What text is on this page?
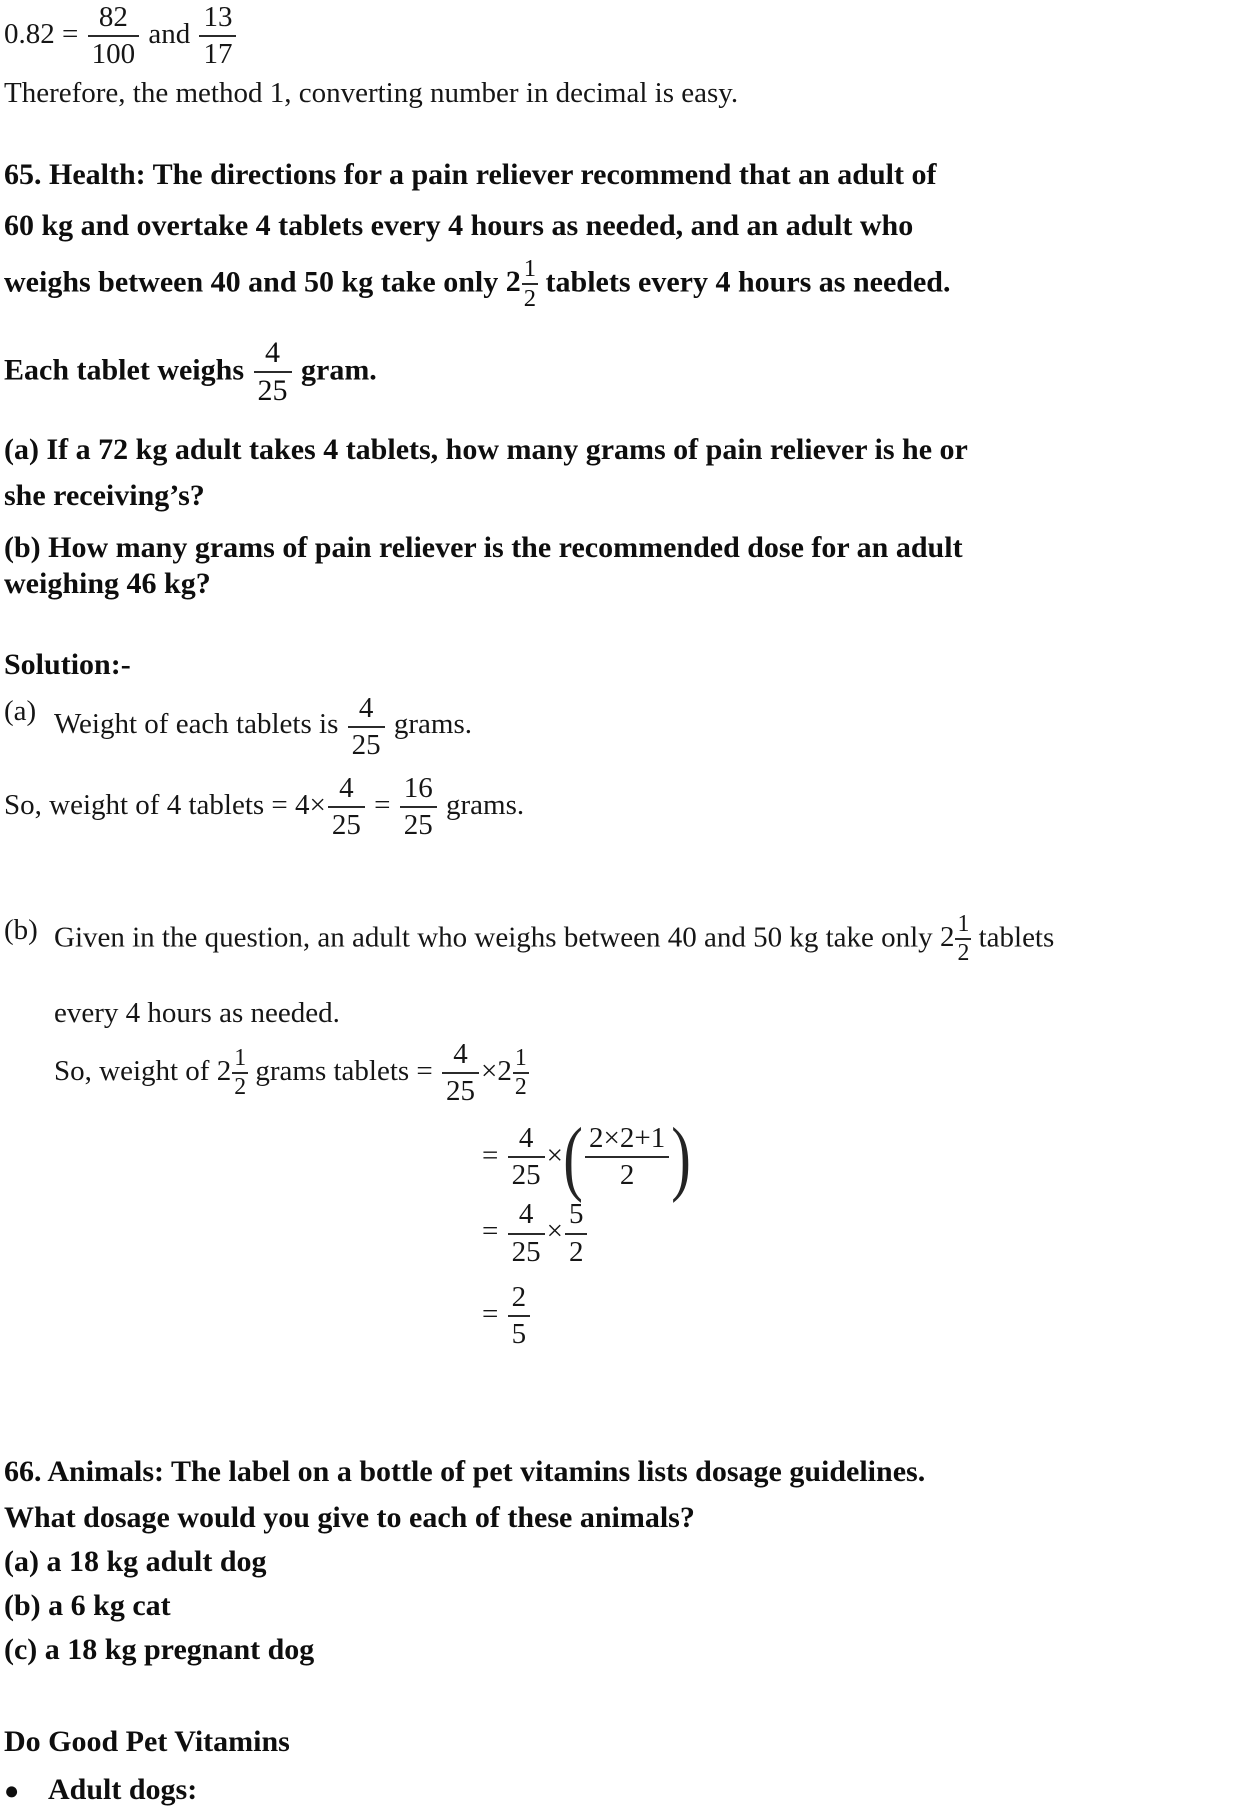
$0.82 = \frac{82}{100}$ and $\frac{13}{17}$
Therefore, the method 1, converting number in decimal is easy.
65. Health: The directions for a pain reliever recommend that an adult of
60 kg and overtake 4 tablets every 4 hours as needed, and an adult who
weighs between 40 and 50 kg take only $2 \frac{1}{2}$ tablets every 4 hours as needed.
Each tablet weighs $\frac{4}{25}$ gram.
(a) If a 72 kg adult takes 4 tablets, how many grams of pain reliever is he or
she receiving’s?
(b) How many grams of pain reliever is the recommended dose for an adult
weighing 46 kg?
Solution:-
(a) Weight of each tablets is $\frac{4}{25}$ grams.
So, weight of 4 tablets = $4\times \frac{4}{25} = \frac{16}{25}$ grams.
(b) Given in the question, an adult who weighs between 40 and 50 kg take only $2 \frac{1}{2}$ tablets
every 4 hours as needed.
So, weight of $2 \frac{1}{2}$ grams tablets = $\frac{4}{25} \times 2 \frac{1}{2}$
= $\frac{4}{25}$ ×( $\frac{2\times 2+1}{2}$ )
= $\frac{4}{25} \times \frac{5}{2}$
= $\frac{2}{5}$
66. Animals: The label on a bottle of pet vitamins lists dosage guidelines.
What dosage would you give to each of these animals?
(a) a 18 kg adult dog
(b) a 6 kg cat
(c) a 18 kg pregnant dog
Do Good Pet Vitamins
● Adult dogs:
